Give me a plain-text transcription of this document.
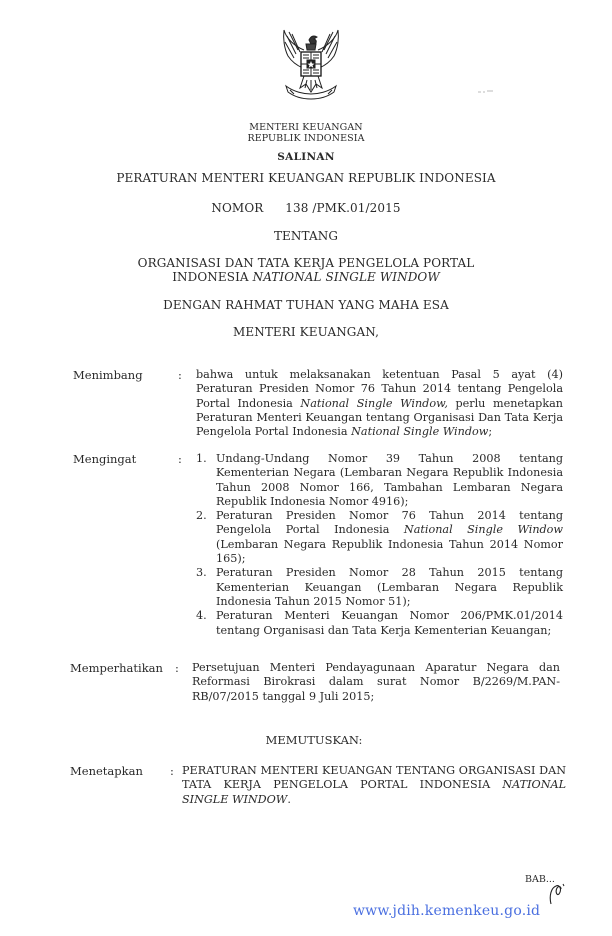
MENTERI KEUANGAN
REPUBLIK INDONESIA
SALINAN
PERATURAN MENTERI KEUANGAN REPUBLIK INDONESIA
NOMOR 138 /PMK.01/2015
TENTANG
ORGANISASI DAN TATA KERJA PENGELOLA PORTAL
INDONESIA NATIONAL SINGLE WINDOW
DENGAN RAHMAT TUHAN YANG MAHA ESA
MENTERI KEUANGAN,
Menimbang	: bahwa untuk melaksanakan ketentuan Pasal 5 ayat (4) Peraturan Presiden Nomor 76 Tahun 2014 tentang Pengelola Portal Indonesia National Single Window, perlu menetapkan Peraturan Menteri Keuangan tentang Organisasi Dan Tata Kerja Pengelola Portal Indonesia National Single Window;
Mengingat	: 1. Undang-Undang Nomor 39 Tahun 2008 tentang Kementerian Negara (Lembaran Negara Republik Indonesia Tahun 2008 Nomor 166, Tambahan Lembaran Negara Republik Indonesia Nomor 4916);
2. Peraturan Presiden Nomor 76 Tahun 2014 tentang Pengelola Portal Indonesia National Single Window (Lembaran Negara Republik Indonesia Tahun 2014 Nomor 165);
3. Peraturan Presiden Nomor 28 Tahun 2015 tentang Kementerian Keuangan (Lembaran Negara Republik Indonesia Tahun 2015 Nomor 51);
4. Peraturan Menteri Keuangan Nomor 206/PMK.01/2014 tentang Organisasi dan Tata Kerja Kementerian Keuangan;
Memperhatikan : Persetujuan Menteri Pendayagunaan Aparatur Negara dan Reformasi Birokrasi dalam surat Nomor B/2269/M.PAN-RB/07/2015 tanggal 9 Juli 2015;
MEMUTUSKAN:
Menetapkan : PERATURAN MENTERI KEUANGAN TENTANG ORGANISASI DAN TATA KERJA PENGELOLA PORTAL INDONESIA NATIONAL SINGLE WINDOW.
BAB...
www.jdih.kemenkeu.go.id
